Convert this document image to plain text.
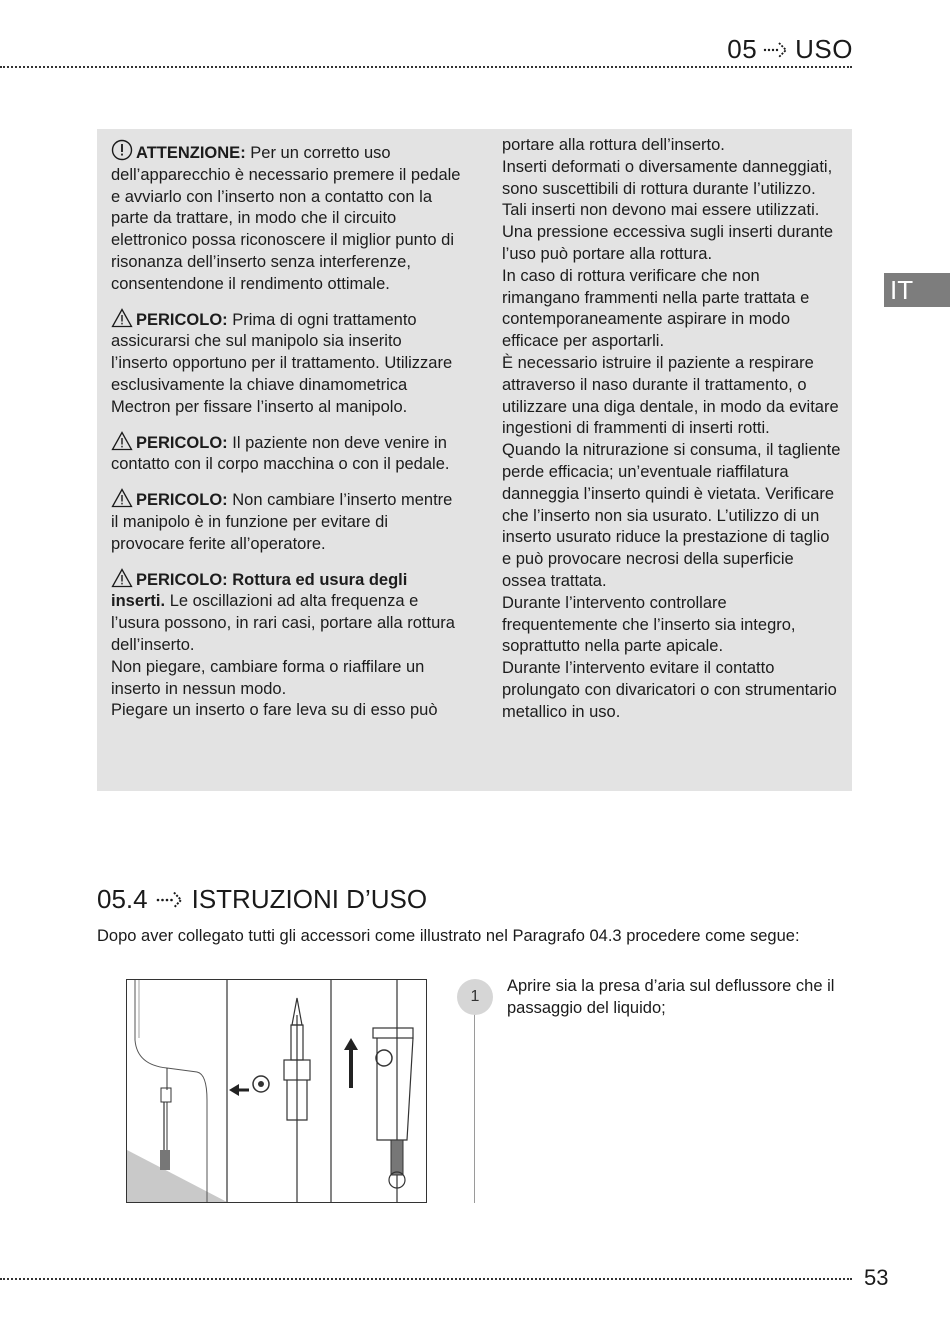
05 USO
IT

ATTENZIONE: Per un corretto uso dell’apparecchio è necessario premere il pedale e avviarlo con l’inserto non a contatto con la parte da trattare, in modo che il circuito elettronico possa riconoscere il miglior punto di risonanza dell’inserto senza interferenze, consentendone il rendimento ottimale.

PERICOLO: Prima di ogni trattamento assicurarsi che sul manipolo sia inserito l’inserto opportuno per il trattamento. Utilizzare esclusivamente la chiave dinamometrica Mectron per fissare l’inserto al manipolo.

PERICOLO: Il paziente non deve venire in contatto con il corpo macchina o con il pedale.

PERICOLO: Non cambiare l’inserto mentre il manipolo è in funzione per evitare di provocare ferite all’operatore.

PERICOLO: Rottura ed usura degli inserti. Le oscillazioni ad alta frequenza e l’usura possono, in rari casi, portare alla rottura dell’inserto.

Non piegare, cambiare forma o riaffilare un inserto in nessun modo.
Piegare un inserto o fare leva su di esso può
portare alla rottura dell’inserto.
Inserti deformati o diversamente danneggiati, sono suscettibili di rottura durante l’utilizzo. Tali inserti non devono mai essere utilizzati.
Una pressione eccessiva sugli inserti durante l’uso può portare alla rottura.
In caso di rottura verificare che non rimangano frammenti nella parte trattata e contemporaneamente aspirare in modo efficace per asportarli.
È necessario istruire il paziente a respirare attraverso il naso durante il trattamento, o utilizzare una diga dentale, in modo da evitare ingestioni di frammenti di inserti rotti.
Quando la nitrurazione si consuma, il tagliente perde efficacia; un’eventuale riaffilatura danneggia l’inserto quindi è vietata. Verificare che l’inserto non sia usurato. L’utilizzo di un inserto usurato riduce la prestazione di taglio e può provocare necrosi della superficie ossea trattata.
Durante l’intervento controllare frequentemente che l’inserto sia integro, soprattutto nella parte apicale.
Durante l’intervento evitare il contatto prolungato con divaricatori o con strumentario metallico in uso.
05.4 ISTRUZIONI D’USO
Dopo aver collegato tutti gli accessori come illustrato nel Paragrafo 04.3 procedere come segue:
1
Aprire sia la presa d’aria sul deflussore che il passaggio del liquido;
53
